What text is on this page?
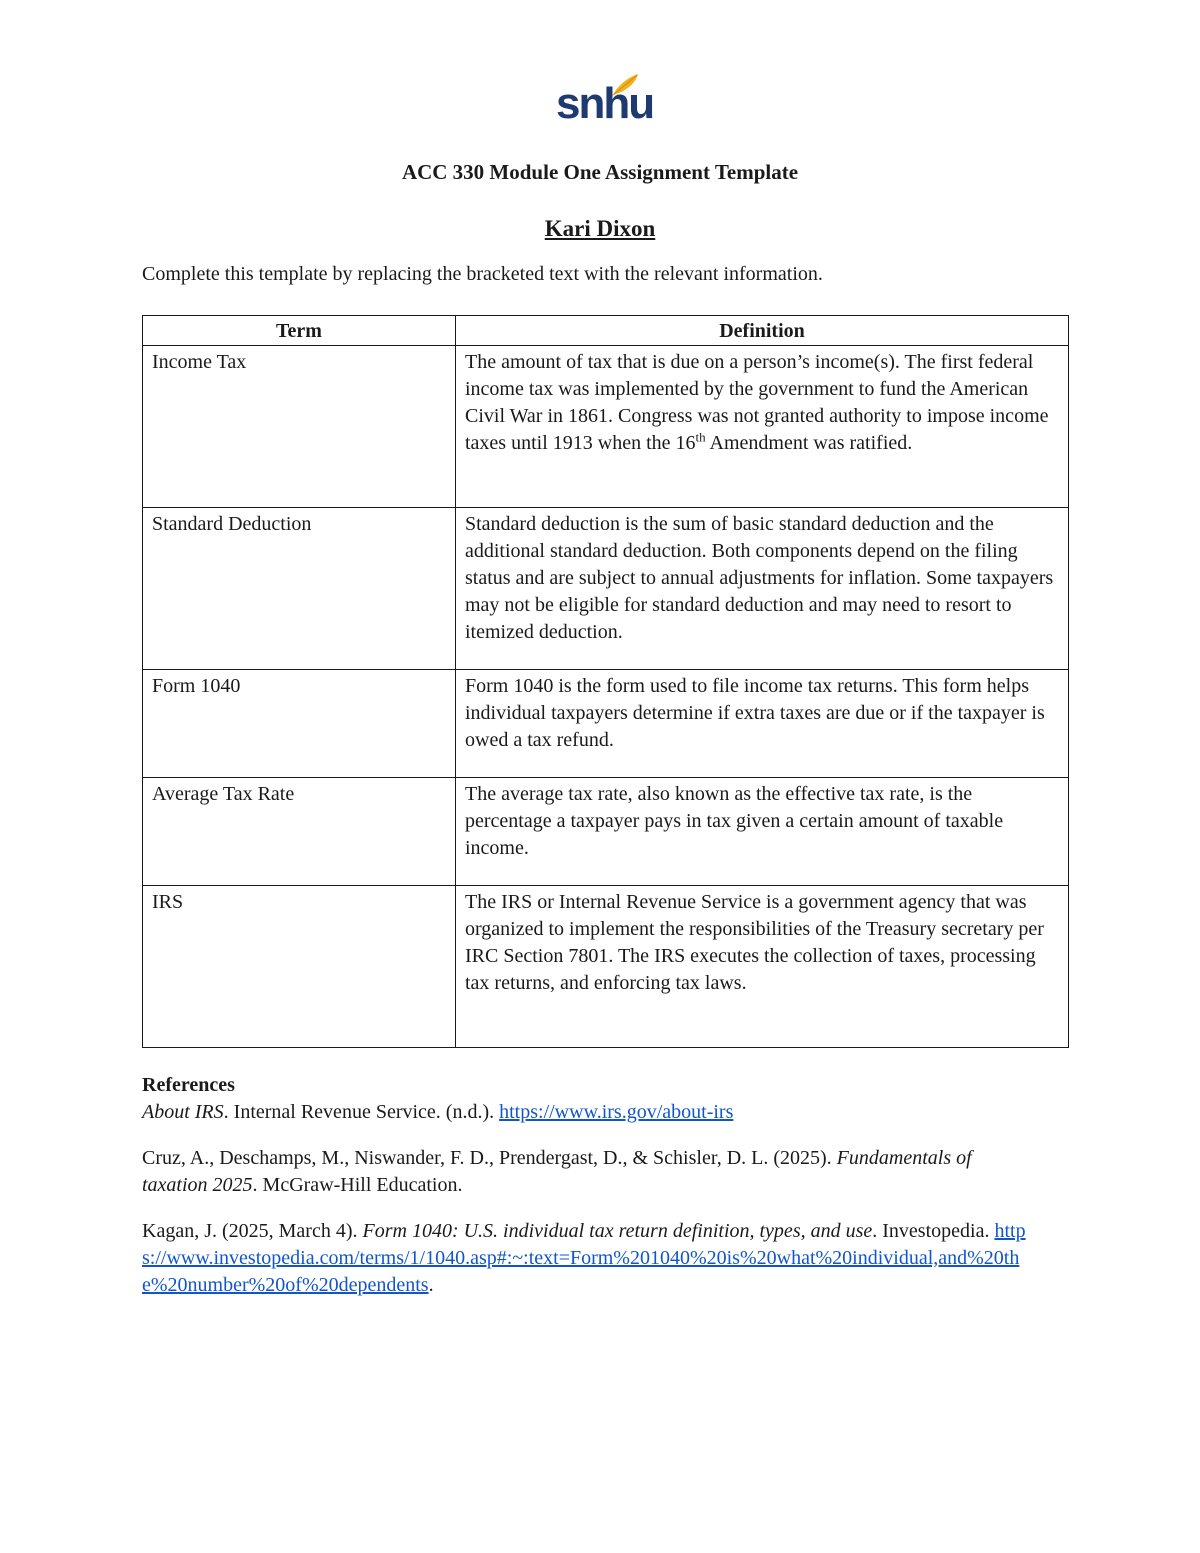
snhu
ACC 330 Module One Assignment Template
Kari Dixon
Complete this template by replacing the bracketed text with the relevant information.
Term	Definition
Income Tax	The amount of tax that is due on a person’s income(s). The first federal income tax was implemented by the government to fund the American Civil War in 1861. Congress was not granted authority to impose income taxes until 1913 when the 16th Amendment was ratified.
Standard Deduction	Standard deduction is the sum of basic standard deduction and the additional standard deduction. Both components depend on the filing status and are subject to annual adjustments for inflation. Some taxpayers may not be eligible for standard deduction and may need to resort to itemized deduction.
Form 1040	Form 1040 is the form used to file income tax returns. This form helps individual taxpayers determine if extra taxes are due or if the taxpayer is owed a tax refund.
Average Tax Rate	The average tax rate, also known as the effective tax rate, is the percentage a taxpayer pays in tax given a certain amount of taxable income.
IRS	The IRS or Internal Revenue Service is a government agency that was organized to implement the responsibilities of the Treasury secretary per IRC Section 7801. The IRS executes the collection of taxes, processing tax returns, and enforcing tax laws.

References

About IRS. Internal Revenue Service. (n.d.). https://www.irs.gov/about-irs

Cruz, A., Deschamps, M., Niswander, F. D., Prendergast, D., & Schisler, D. L. (2025). Fundamentals of taxation 2025. McGraw-Hill Education.

Kagan, J. (2025, March 4). Form 1040: U.S. individual tax return definition, types, and use. Investopedia. https://www.investopedia.com/terms/1/1040.asp#:~:text=Form%201040%20is%20what%20individual,and%20the%20number%20of%20dependents.
